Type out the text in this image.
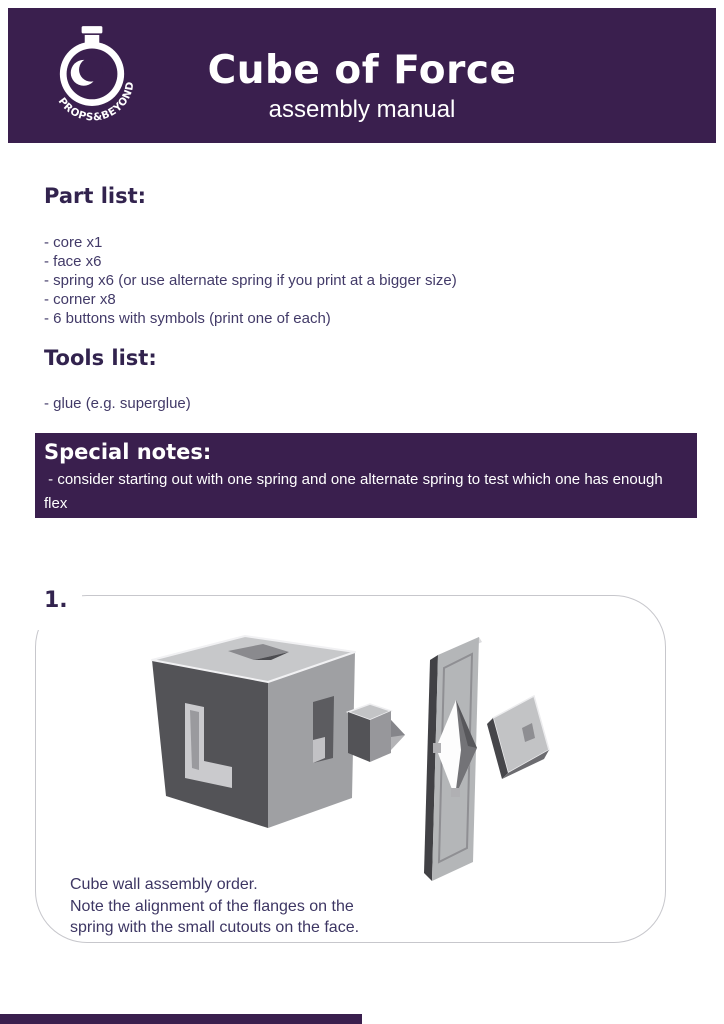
PROPS&BEYOND	Cube of Force
assembly manual
Part list:
- core x1
- face x6
- spring x6 (or use alternate spring if you print at a bigger size)
- corner x8
- 6 buttons with symbols (print one of each)
Tools list:
- glue (e.g. superglue)
Special notes:
- consider starting out with one spring and one alternate spring to test which one has enough flex
for your needs.
1.
Cube wall assembly order.
Note the alignment of the flanges on the
spring with the small cutouts on the face.
